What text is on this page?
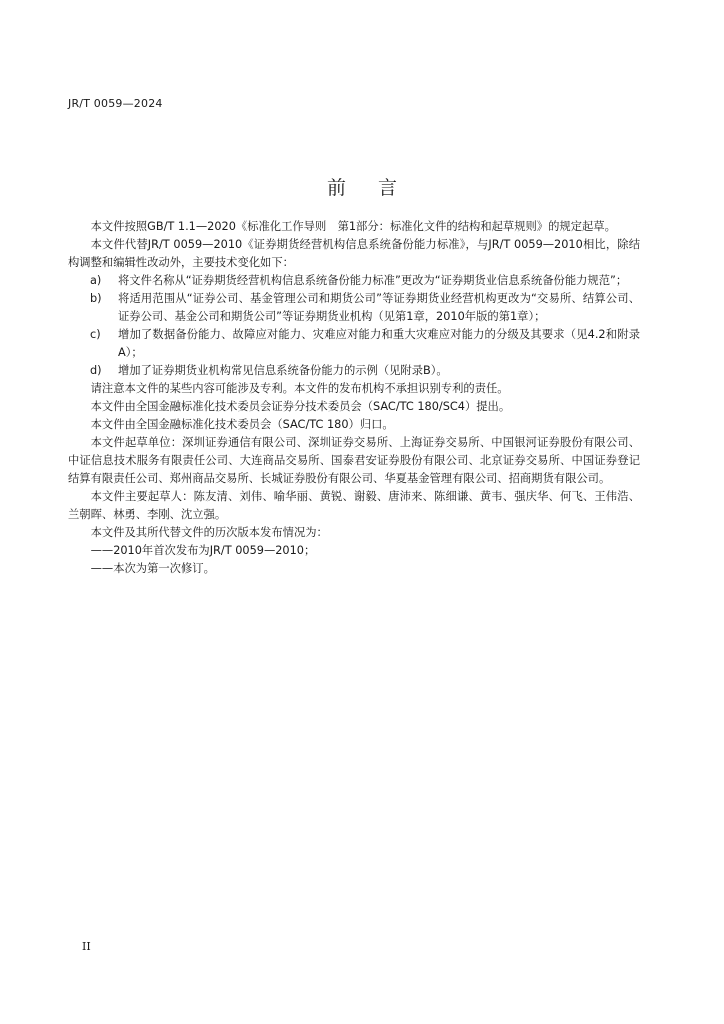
JR/T 0059—2024
前言

本文件按照GB/T 1.1—2020《标准化工作导则　第1部分：标准化文件的结构和起草规则》的规定起草。

本文件代替JR/T 0059—2010《证券期货经营机构信息系统备份能力标准》，与JR/T 0059—2010相比，除结构调整和编辑性改动外，主要技术变化如下：

a)	将文件名称从“证券期货经营机构信息系统备份能力标准”更改为“证券期货业信息系统备份能力规范”；
b)	将适用范围从“证券公司、基金管理公司和期货公司”等证券期货业经营机构更改为“交易所、结算公司、证券公司、基金公司和期货公司”等证券期货业机构（见第1章，2010年版的第1章）；
c)	增加了数据备份能力、故障应对能力、灾难应对能力和重大灾难应对能力的分级及其要求（见4.2和附录A）；
d)	增加了证券期货业机构常见信息系统备份能力的示例（见附录B）。

请注意本文件的某些内容可能涉及专利。本文件的发布机构不承担识别专利的责任。

本文件由全国金融标准化技术委员会证券分技术委员会（SAC/TC 180/SC4）提出。

本文件由全国金融标准化技术委员会（SAC/TC 180）归口。

本文件起草单位：深圳证券通信有限公司、深圳证券交易所、上海证券交易所、中国银河证券股份有限公司、中证信息技术服务有限责任公司、大连商品交易所、国泰君安证券股份有限公司、北京证券交易所、中国证券登记结算有限责任公司、郑州商品交易所、长城证券股份有限公司、华夏基金管理有限公司、招商期货有限公司。

本文件主要起草人：陈友清、刘伟、喻华丽、黄锐、谢毅、唐沛来、陈细谦、黄韦、强庆华、何飞、王伟浩、兰朝晖、林勇、李刚、沈立强。

本文件及其所代替文件的历次版本发布情况为：

——2010年首次发布为JR/T 0059—2010；

——本次为第一次修订。

II
